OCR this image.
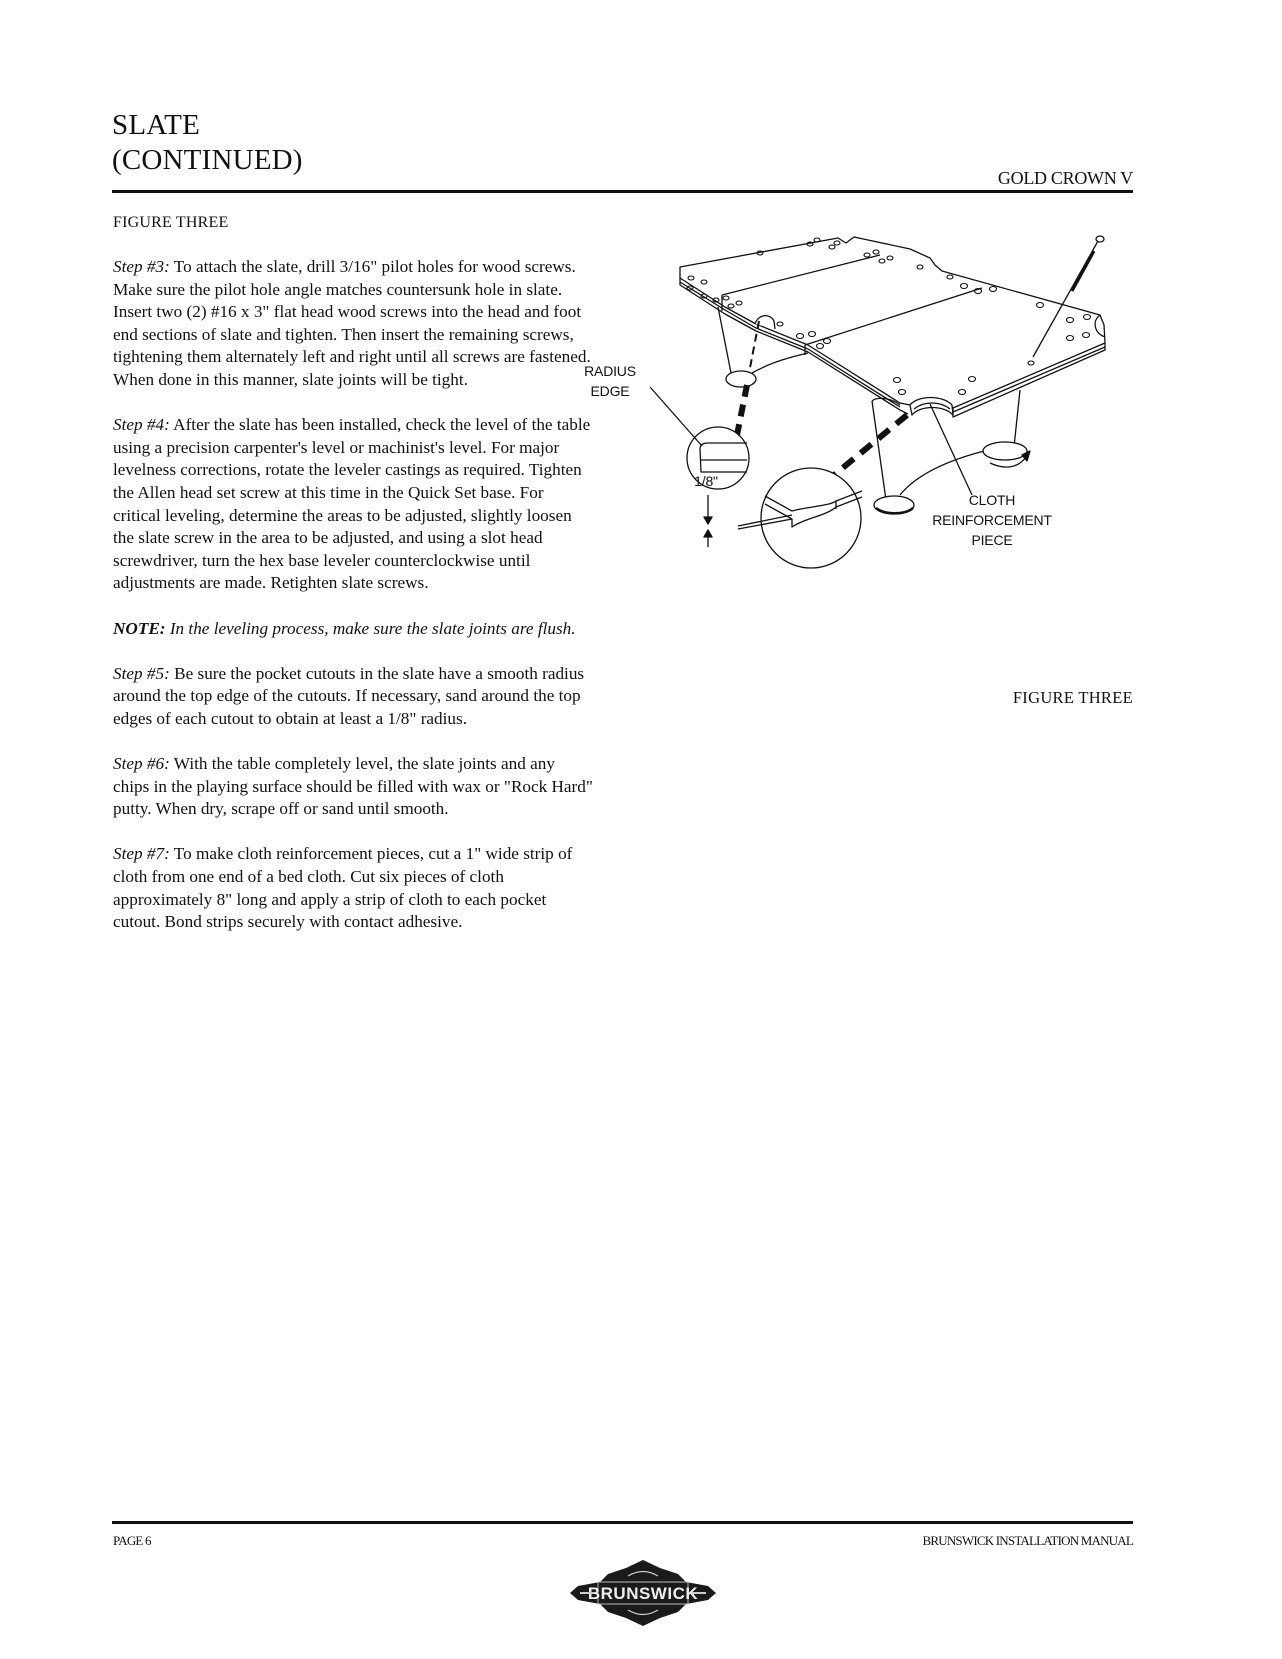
SLATE
(CONTINUED)
GOLD CROWN V
FIGURE THREE

Step #3: To attach the slate, drill 3/16" pilot holes for wood screws. Make sure the pilot hole angle matches countersunk hole in slate. Insert two (2) #16 x 3" flat head wood screws into the head and foot end sections of slate and tighten. Then insert the remaining screws, tightening them alternately left and right until all screws are fastened. When done in this manner, slate joints will be tight.

Step #4: After the slate has been installed, check the level of the table using a precision carpenter's level or machinist's level. For major levelness corrections, rotate the leveler castings as required. Tighten the Allen head set screw at this time in the Quick Set base. For critical leveling, determine the areas to be adjusted, slightly loosen the slate screw in the area to be adjusted, and using a slot head screwdriver, turn the hex base leveler counterclockwise until adjustments are made. Retighten slate screws.

NOTE: In the leveling process, make sure the slate joints are flush.

Step #5: Be sure the pocket cutouts in the slate have a smooth radius around the top edge of the cutouts. If necessary, sand around the top edges of each cutout to obtain at least a 1/8" radius.

Step #6: With the table completely level, the slate joints and any chips in the playing surface should be filled with wax or "Rock Hard" putty. When dry, scrape off or sand until smooth.

Step #7: To make cloth reinforcement pieces, cut a 1" wide strip of cloth from one end of a bed cloth. Cut six pieces of cloth approximately 8" long and apply a strip of cloth to each pocket cutout. Bond strips securely with contact adhesive.

RADIUS
EDGE
1/8"
CLOTH
REINFORCEMENT
PIECE
FIGURE THREE
PAGE 6	BRUNSWICK INSTALLATION MANUAL
BRUNSWICK
